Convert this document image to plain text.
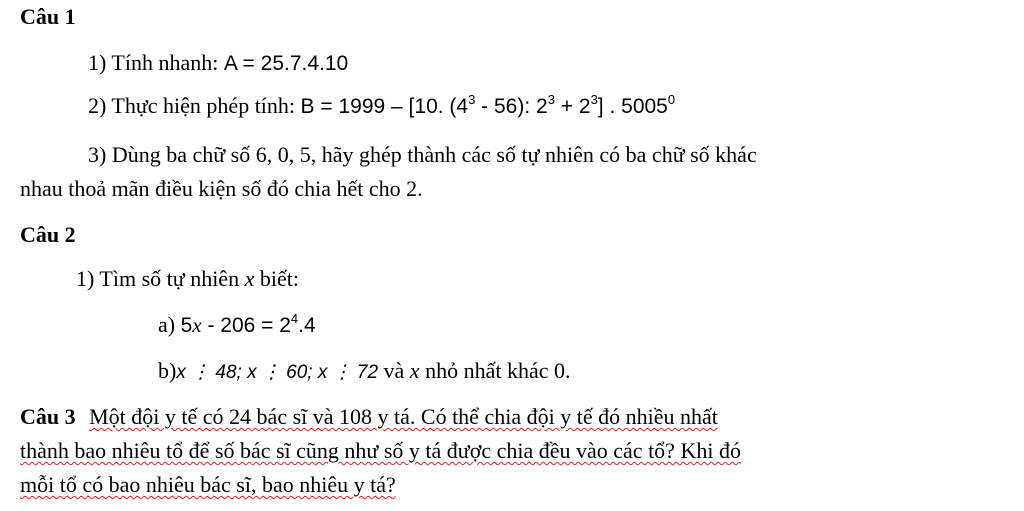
Câu 1
1) Tính nhanh: A = 25.7.4.10
2) Thực hiện phép tính: B = 1999 – [10. $(4^3 - 56)$: $2^3 + 2^3$] . 5005$^0$
3) Dùng ba chữ số 6, 0, 5, hãy ghép thành các số tự nhiên có ba chữ số khác
nhau thoả mãn điều kiện số đó chia hết cho 2.
Câu 2
1) Tìm số tự nhiên x biết:
a) $5x - 206 = 2^4.4$
b)x ⋮ 48; x ⋮ 60; x ⋮ 72 và x nhỏ nhất khác 0.
Câu 3 Một đội y tế có 24 bác sĩ và 108 y tá. Có thể chia đội y tế đó nhiều nhất
thành bao nhiêu tổ để số bác sĩ cũng như số y tá được chia đều vào các tổ? Khi đó
mỗi tổ có bao nhiêu bác sĩ, bao nhiêu y tá?
